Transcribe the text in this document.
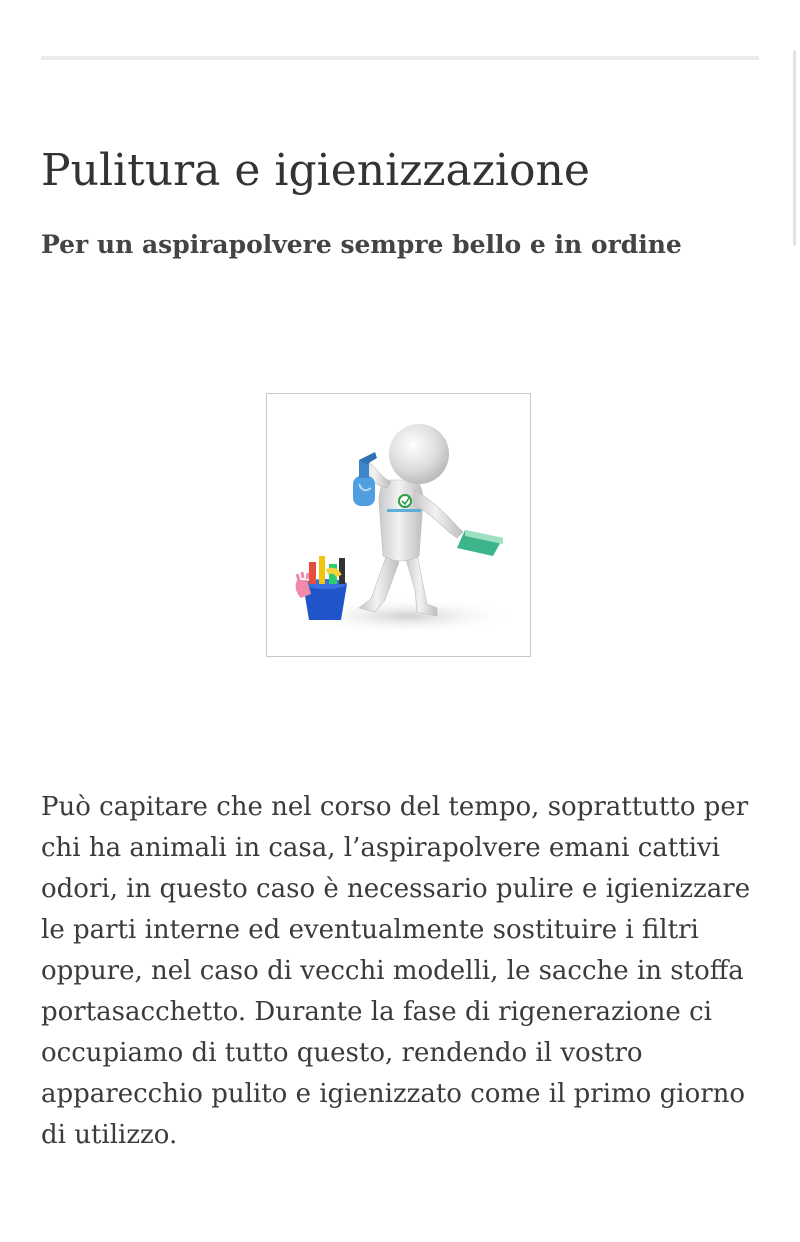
Pulitura e igienizzazione
Per un aspirapolvere sempre bello e in ordine

Può capitare che nel corso del tempo, soprattutto per
chi ha animali in casa, l’aspirapolvere emani cattivi
odori, in questo caso è necessario pulire e igienizzare
le parti interne ed eventualmente sostituire i filtri
oppure, nel caso di vecchi modelli, le sacche in stoffa
portasacchetto. Durante la fase di rigenerazione ci
occupiamo di tutto questo, rendendo il vostro
apparecchio pulito e igienizzato come il primo giorno
di utilizzo.
